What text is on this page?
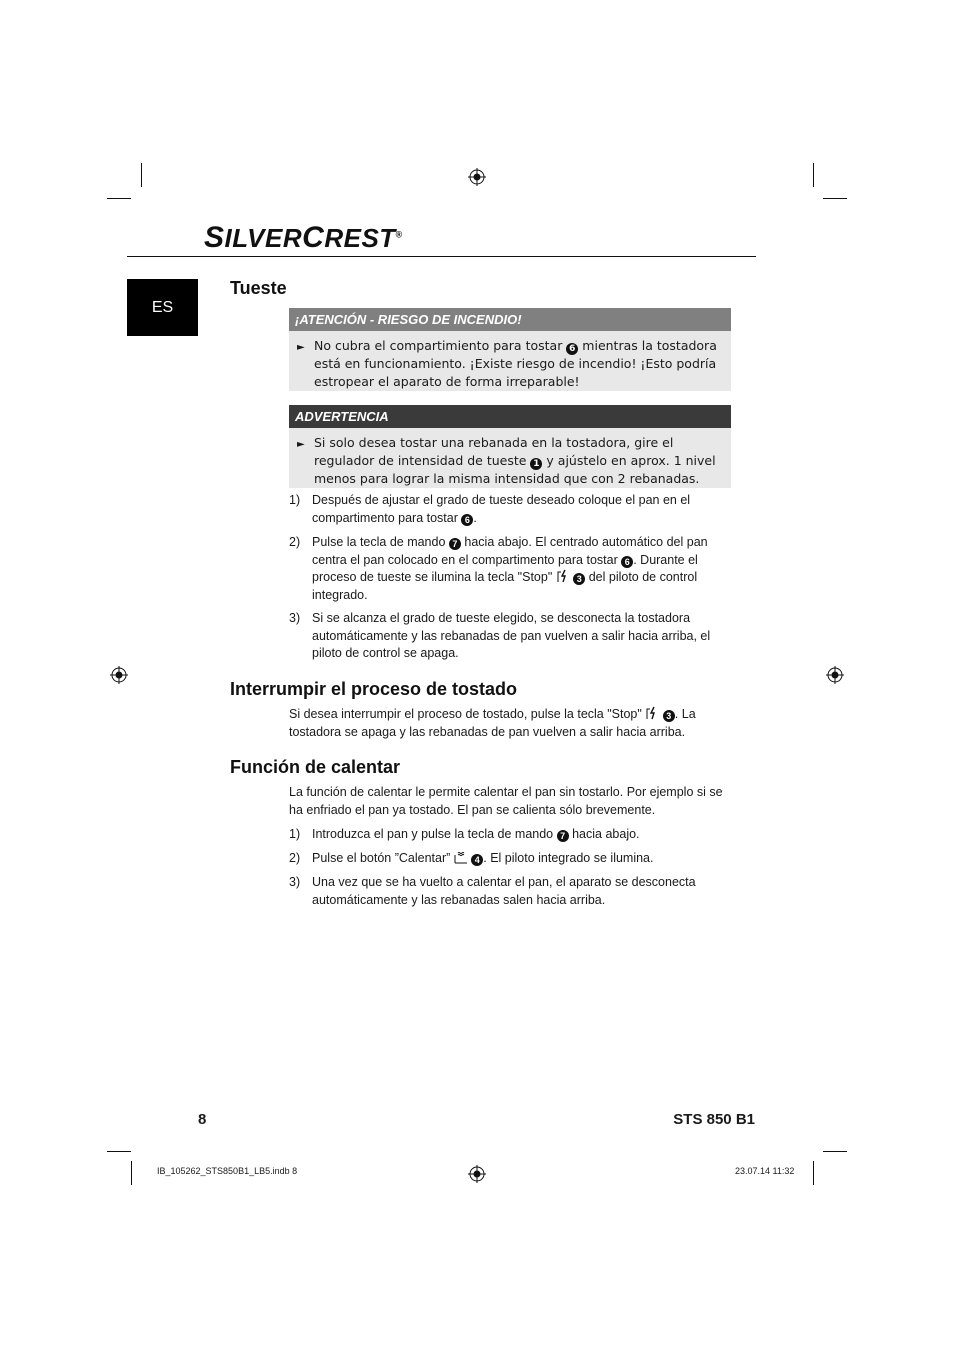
SILVERCREST®
ES
Tueste
¡ATENCIÓN - RIESGO DE INCENDIO!
► No cubra el compartimiento para tostar 6 mientras la tostadora está en funcionamiento. ¡Existe riesgo de incendio! ¡Esto podría estropear el aparato de forma irreparable!
ADVERTENCIA
► Si solo desea tostar una rebanada en la tostadora, gire el regulador de intensidad de tueste 1 y ajústelo en aprox. 1 nivel menos para lograr la misma intensidad que con 2 rebanadas.
1) Después de ajustar el grado de tueste deseado coloque el pan en el compartimento para tostar 6 .
2) Pulse la tecla de mando 7 hacia abajo. El centrado automático del pan centra el pan colocado en el compartimento para tostar 6 . Durante el proceso de tueste se ilumina la tecla "Stop"	3 del piloto de control integrado.
3) Si se alcanza el grado de tueste elegido, se desconecta la tostadora automáticamente y las rebanadas de pan vuelven a salir hacia arriba, el piloto de control se apaga.
Interrumpir el proceso de tostado
Si desea interrumpir el proceso de tostado, pulse la tecla "Stop"	3 . La tostadora se apaga y las rebanadas de pan vuelven a salir hacia arriba.
Función de calentar
La función de calentar le permite calentar el pan sin tostarlo. Por ejemplo si se ha enfriado el pan ya tostado. El pan se calienta sólo brevemente.
1) Introduzca el pan y pulse la tecla de mando 7 hacia abajo.
2) Pulse el botón ”Calentar”	4 . El piloto integrado se ilumina.
3) Una vez que se ha vuelto a calentar el pan, el aparato se desconecta automáticamente y las rebanadas salen hacia arriba.
8	STS 850 B1
IB_105262_STS850B1_LB5.indb 8	23.07.14 11:32
